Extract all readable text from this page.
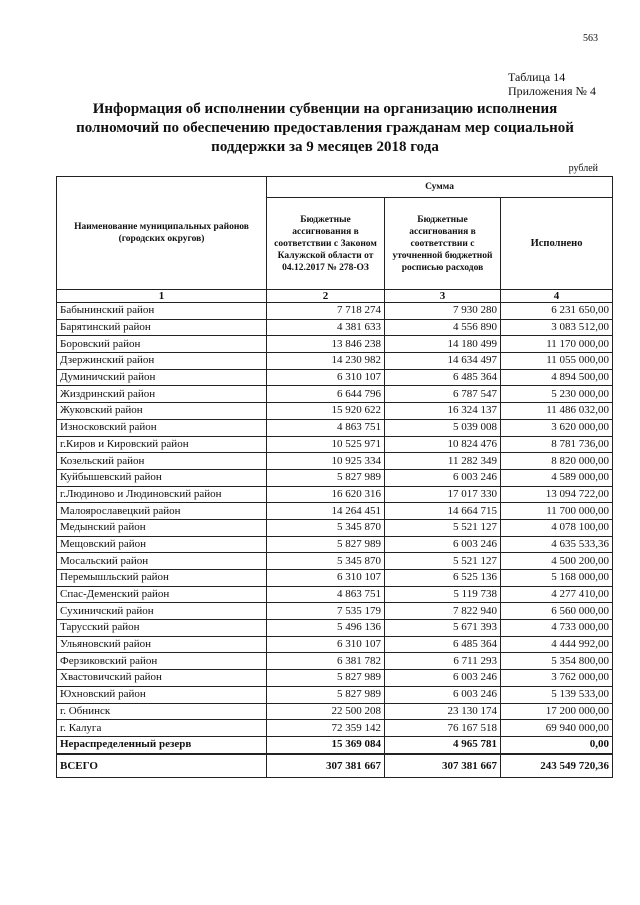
563
Таблица 14
Приложения № 4
Информация об исполнении субвенции на организацию исполнения
полномочий по обеспечению предоставления гражданам мер социальной
поддержки за 9 месяцев 2018 года
рублей
Наименование муниципальных районов (городских округов)	Сумма		
	Бюджетные ассигнования в соответствии с Законом Калужской области от 04.12.2017 № 278-ОЗ	Бюджетные ассигнования в соответствии с уточненной бюджетной росписью расходов	Исполнено
1	2	3	4
Бабынинский район	7 718 274	7 930 280	6 231 650,00
Барятинский район	4 381 633	4 556 890	3 083 512,00
Боровский район	13 846 238	14 180 499	11 170 000,00
Дзержинский район	14 230 982	14 634 497	11 055 000,00
Думиничский район	6 310 107	6 485 364	4 894 500,00
Жиздринский район	6 644 796	6 787 547	5 230 000,00
Жуковский район	15 920 622	16 324 137	11 486 032,00
Износковский район	4 863 751	5 039 008	3 620 000,00
г.Киров и Кировский район	10 525 971	10 824 476	8 781 736,00
Козельский район	10 925 334	11 282 349	8 820 000,00
Куйбышевский район	5 827 989	6 003 246	4 589 000,00
г.Людиново и Людиновский район	16 620 316	17 017 330	13 094 722,00
Малоярославецкий район	14 264 451	14 664 715	11 700 000,00
Медынский район	5 345 870	5 521 127	4 078 100,00
Мещовский район	5 827 989	6 003 246	4 635 533,36
Мосальский район	5 345 870	5 521 127	4 500 200,00
Перемышльский район	6 310 107	6 525 136	5 168 000,00
Спас-Деменский район	4 863 751	5 119 738	4 277 410,00
Сухиничский район	7 535 179	7 822 940	6 560 000,00
Тарусский район	5 496 136	5 671 393	4 733 000,00
Ульяновский район	6 310 107	6 485 364	4 444 992,00
Ферзиковский район	6 381 782	6 711 293	5 354 800,00
Хвастовичский район	5 827 989	6 003 246	3 762 000,00
Юхновский район	5 827 989	6 003 246	5 139 533,00
г. Обнинск	22 500 208	23 130 174	17 200 000,00
г. Калуга	72 359 142	76 167 518	69 940 000,00
Нераспределенный резерв	15 369 084	4 965 781	0,00
ВСЕГО	307 381 667	307 381 667	243 549 720,36
